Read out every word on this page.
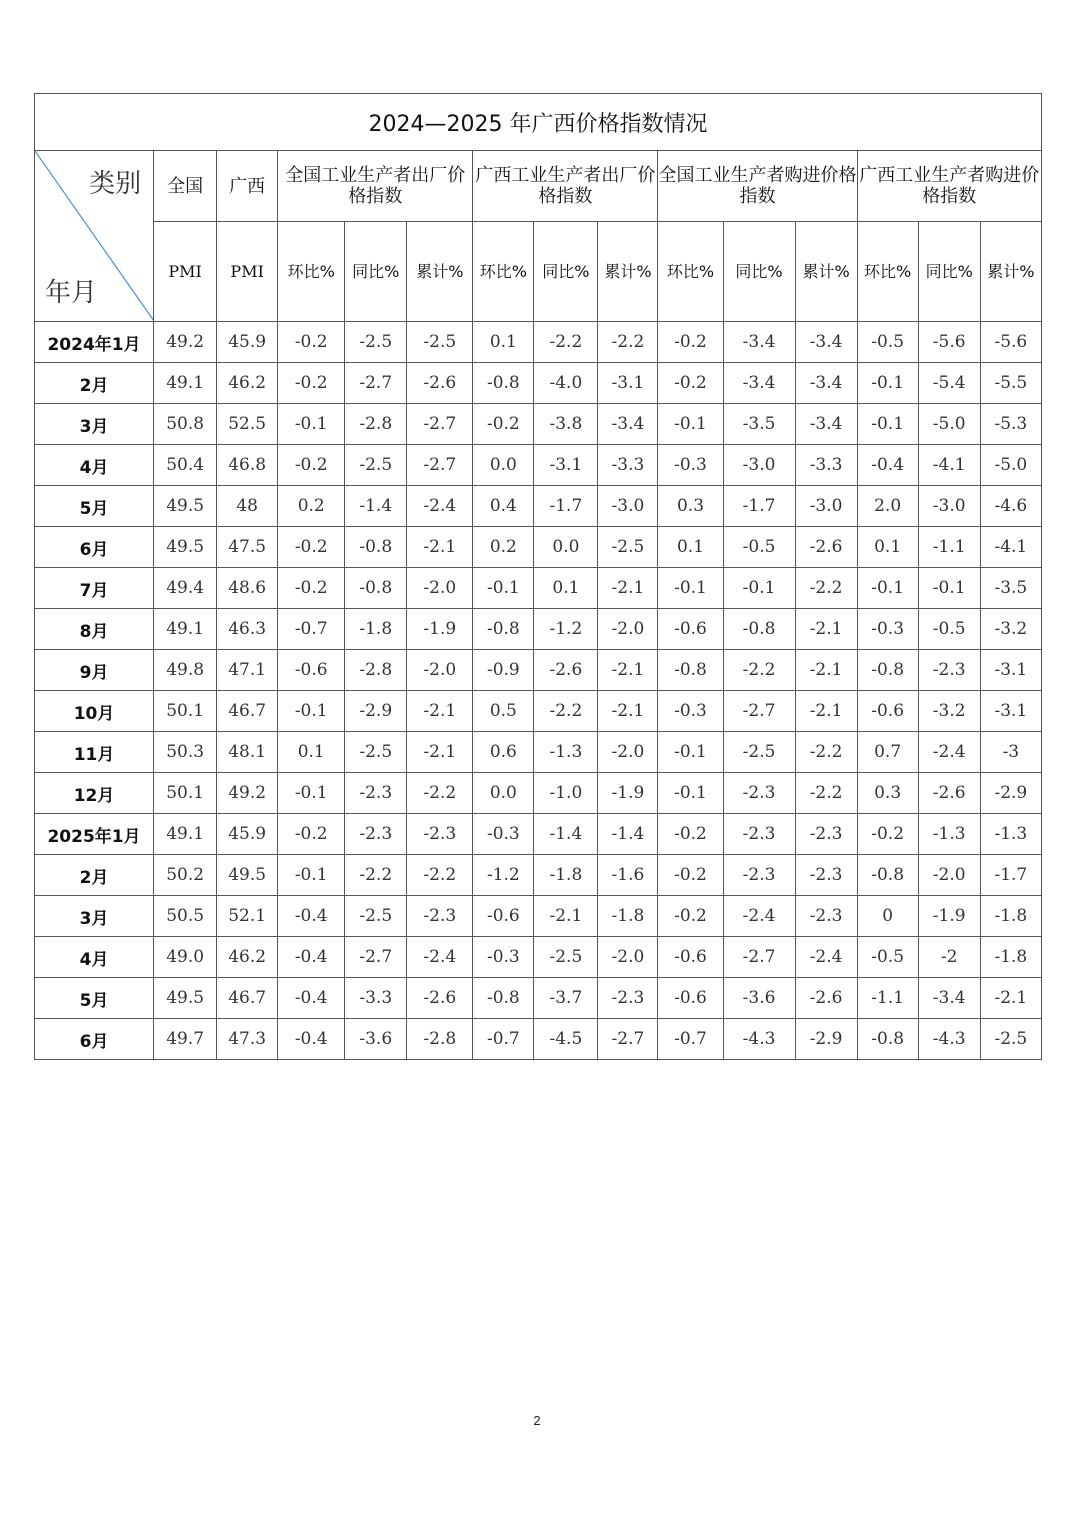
2024—2025 年广西价格指数情况														

类别
年月	全国	广西	全国工业生产者出厂价格指数			广西工业生产者出厂价格指数			全国工业生产者购进价格指数			广西工业生产者购进价格指数		
	PMI	PMI	环比%	同比%	累计%	环比%	同比%	累计%	环比%	同比%	累计%	环比%	同比%	累计%
2024年1月	49.2	45.9	-0.2	-2.5	-2.5	0.1	-2.2	-2.2	-0.2	-3.4	-3.4	-0.5	-5.6	-5.6
2月	49.1	46.2	-0.2	-2.7	-2.6	-0.8	-4.0	-3.1	-0.2	-3.4	-3.4	-0.1	-5.4	-5.5
3月	50.8	52.5	-0.1	-2.8	-2.7	-0.2	-3.8	-3.4	-0.1	-3.5	-3.4	-0.1	-5.0	-5.3
4月	50.4	46.8	-0.2	-2.5	-2.7	0.0	-3.1	-3.3	-0.3	-3.0	-3.3	-0.4	-4.1	-5.0
5月	49.5	48	0.2	-1.4	-2.4	0.4	-1.7	-3.0	0.3	-1.7	-3.0	2.0	-3.0	-4.6
6月	49.5	47.5	-0.2	-0.8	-2.1	0.2	0.0	-2.5	0.1	-0.5	-2.6	0.1	-1.1	-4.1
7月	49.4	48.6	-0.2	-0.8	-2.0	-0.1	0.1	-2.1	-0.1	-0.1	-2.2	-0.1	-0.1	-3.5
8月	49.1	46.3	-0.7	-1.8	-1.9	-0.8	-1.2	-2.0	-0.6	-0.8	-2.1	-0.3	-0.5	-3.2
9月	49.8	47.1	-0.6	-2.8	-2.0	-0.9	-2.6	-2.1	-0.8	-2.2	-2.1	-0.8	-2.3	-3.1
10月	50.1	46.7	-0.1	-2.9	-2.1	0.5	-2.2	-2.1	-0.3	-2.7	-2.1	-0.6	-3.2	-3.1
11月	50.3	48.1	0.1	-2.5	-2.1	0.6	-1.3	-2.0	-0.1	-2.5	-2.2	0.7	-2.4	-3
12月	50.1	49.2	-0.1	-2.3	-2.2	0.0	-1.0	-1.9	-0.1	-2.3	-2.2	0.3	-2.6	-2.9
2025年1月	49.1	45.9	-0.2	-2.3	-2.3	-0.3	-1.4	-1.4	-0.2	-2.3	-2.3	-0.2	-1.3	-1.3
2月	50.2	49.5	-0.1	-2.2	-2.2	-1.2	-1.8	-1.6	-0.2	-2.3	-2.3	-0.8	-2.0	-1.7
3月	50.5	52.1	-0.4	-2.5	-2.3	-0.6	-2.1	-1.8	-0.2	-2.4	-2.3	0	-1.9	-1.8
4月	49.0	46.2	-0.4	-2.7	-2.4	-0.3	-2.5	-2.0	-0.6	-2.7	-2.4	-0.5	-2	-1.8
5月	49.5	46.7	-0.4	-3.3	-2.6	-0.8	-3.7	-2.3	-0.6	-3.6	-2.6	-1.1	-3.4	-2.1
6月	49.7	47.3	-0.4	-3.6	-2.8	-0.7	-4.5	-2.7	-0.7	-4.3	-2.9	-0.8	-4.3	-2.5
2
